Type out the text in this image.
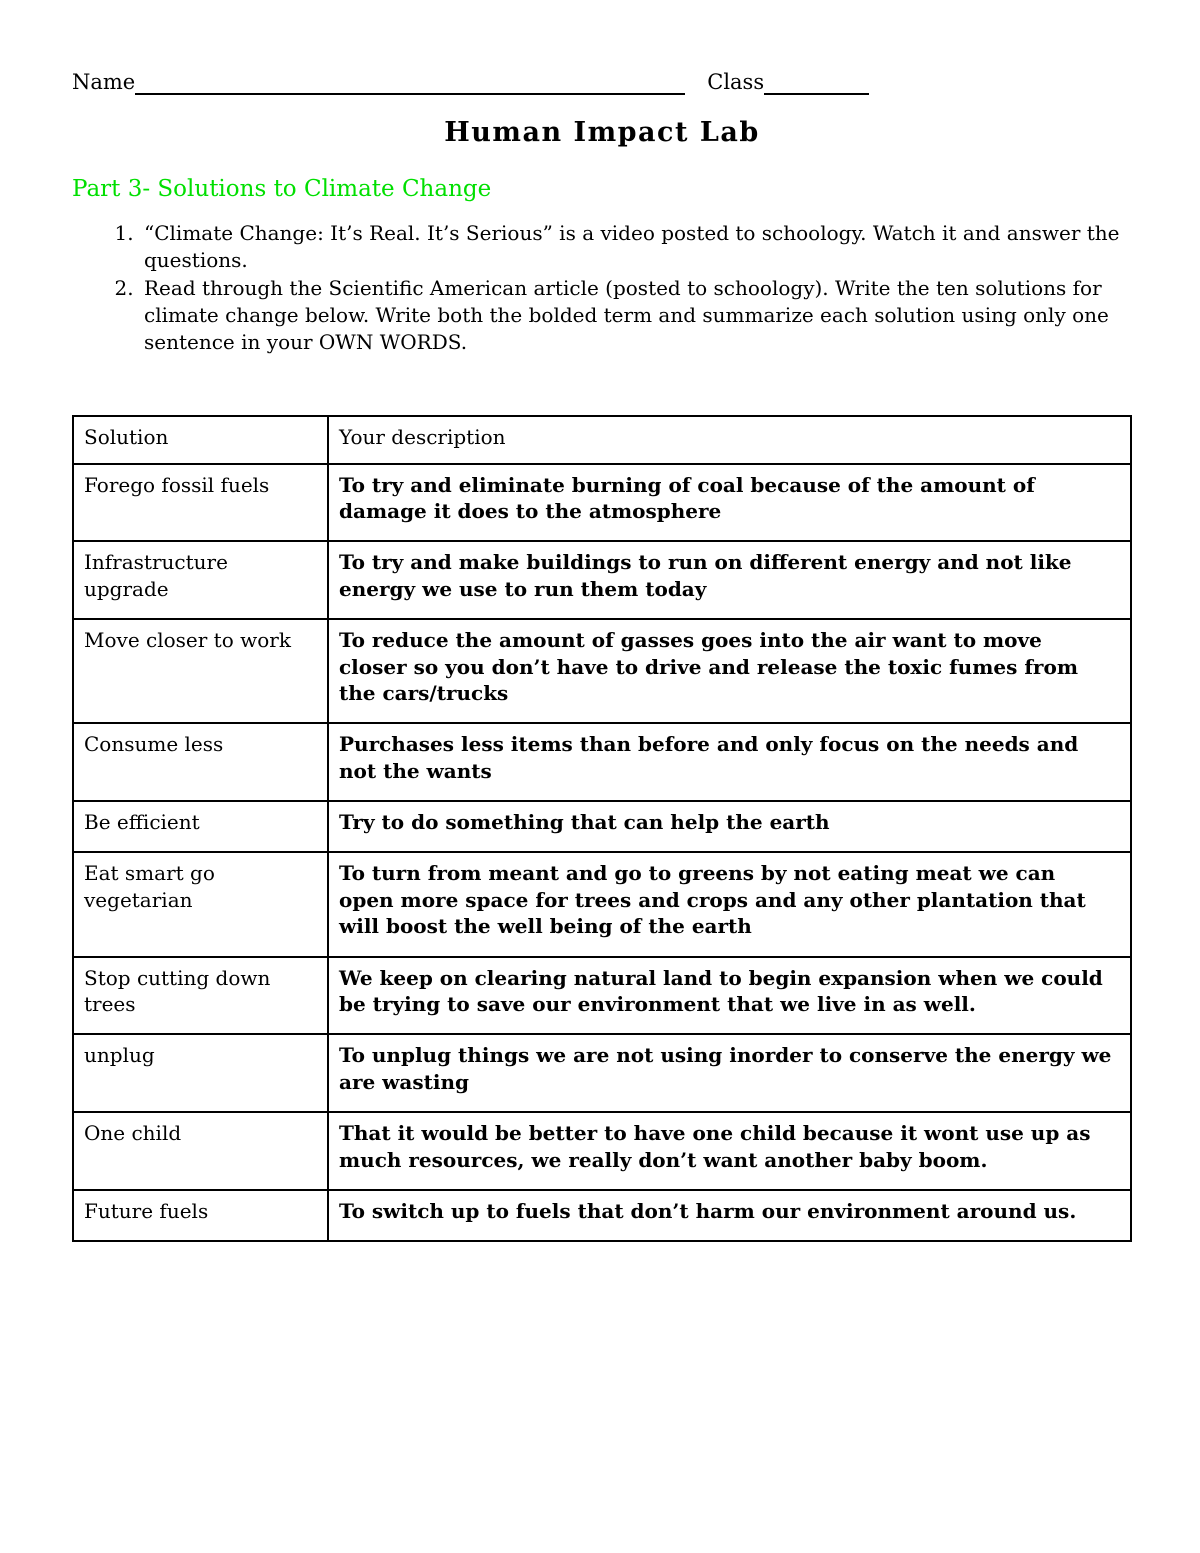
Name	Class
Human Impact Lab
Part 3- Solutions to Climate Change
1. “Climate Change: It’s Real. It’s Serious” is a video posted to schoology. Watch it and answer the questions.
2. Read through the Scientific American article (posted to schoology). Write the ten solutions for climate change below. Write both the bolded term and summarize each solution using only one sentence in your OWN WORDS.
Solution	Your description
Forego fossil fuels	To try and eliminate burning of coal because of the amount of damage it does to the atmosphere
Infrastructure upgrade	To try and make buildings to run on different energy and not like energy we use to run them today
Move closer to work	To reduce the amount of gasses goes into the air want to move closer so you don’t have to drive and release the toxic fumes from the cars/trucks
Consume less	Purchases less items than before and only focus on the needs and not the wants
Be efficient	Try to do something that can help the earth
Eat smart go vegetarian	To turn from meant and go to greens by not eating meat we can open more space for trees and crops and any other plantation that will boost the well being of the earth
Stop cutting down trees	We keep on clearing natural land to begin expansion when we could be trying to save our environment that we live in as well.
unplug	To unplug things we are not using inorder to conserve the energy we are wasting
One child	That it would be better to have one child because it wont use up as much resources, we really don’t want another baby boom.
Future fuels	To switch up to fuels that don’t harm our environment around us.
